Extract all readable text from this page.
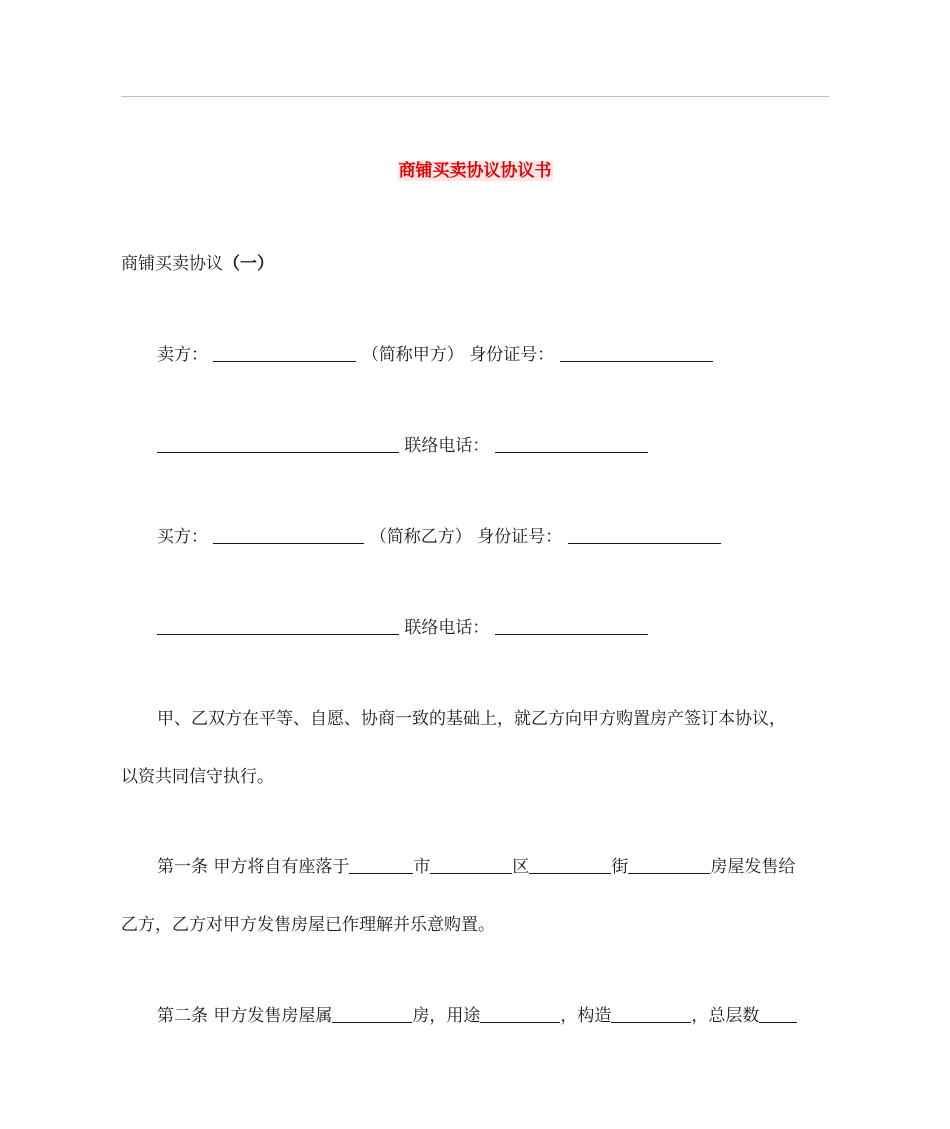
商铺买卖协议协议书
商铺买卖协议（一）
卖方：	（简称甲方） 身份证号：
联络电话：
买方：	（简称乙方） 身份证号：
联络电话：
甲、乙双方在平等、自愿、协商一致的基础上，就乙方向甲方购置房产签订本协议，
以资共同信守执行。
第一条 甲方将自有座落于	市	区	街	房屋发售给
乙方，乙方对甲方发售房屋已作理解并乐意购置。
第二条 甲方发售房屋属	房，用途	，构造	，总层数
